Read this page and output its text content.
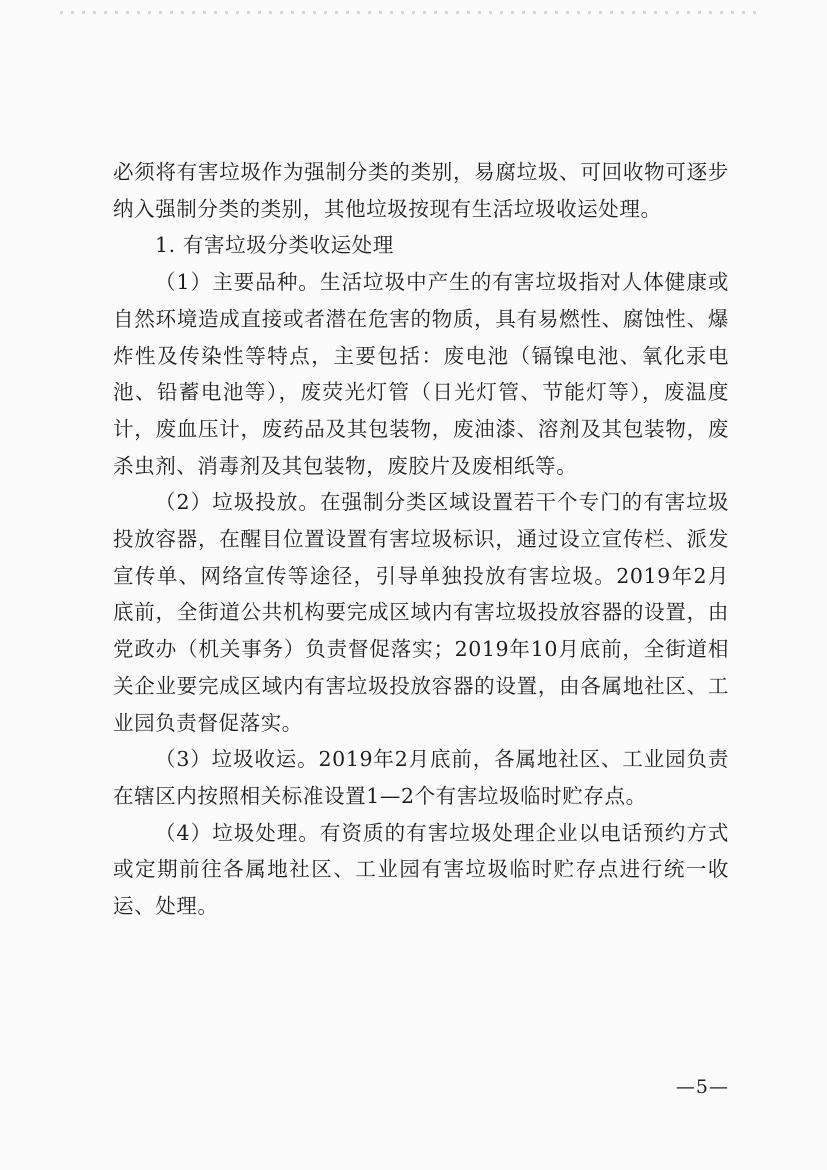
必须将有害垃圾作为强制分类的类别，易腐垃圾、可回收物可逐步纳入强制分类的类别，其他垃圾按现有生活垃圾收运处理。

1. 有害垃圾分类收运处理

（1）主要品种。生活垃圾中产生的有害垃圾指对人体健康或自然环境造成直接或者潜在危害的物质，具有易燃性、腐蚀性、爆炸性及传染性等特点，主要包括：废电池（镉镍电池、氧化汞电池、铅蓄电池等），废荧光灯管（日光灯管、节能灯等），废温度计，废血压计，废药品及其包装物，废油漆、溶剂及其包装物，废杀虫剂、消毒剂及其包装物，废胶片及废相纸等。

（2）垃圾投放。在强制分类区域设置若干个专门的有害垃圾投放容器，在醒目位置设置有害垃圾标识，通过设立宣传栏、派发宣传单、网络宣传等途径，引导单独投放有害垃圾。2019年2月底前，全街道公共机构要完成区域内有害垃圾投放容器的设置，由党政办（机关事务）负责督促落实；2019年10月底前，全街道相关企业要完成区域内有害垃圾投放容器的设置，由各属地社区、工业园负责督促落实。

（3）垃圾收运。2019年2月底前，各属地社区、工业园负责在辖区内按照相关标准设置1—2个有害垃圾临时贮存点。

（4）垃圾处理。有资质的有害垃圾处理企业以电话预约方式或定期前往各属地社区、工业园有害垃圾临时贮存点进行统一收运、处理。

—5—
